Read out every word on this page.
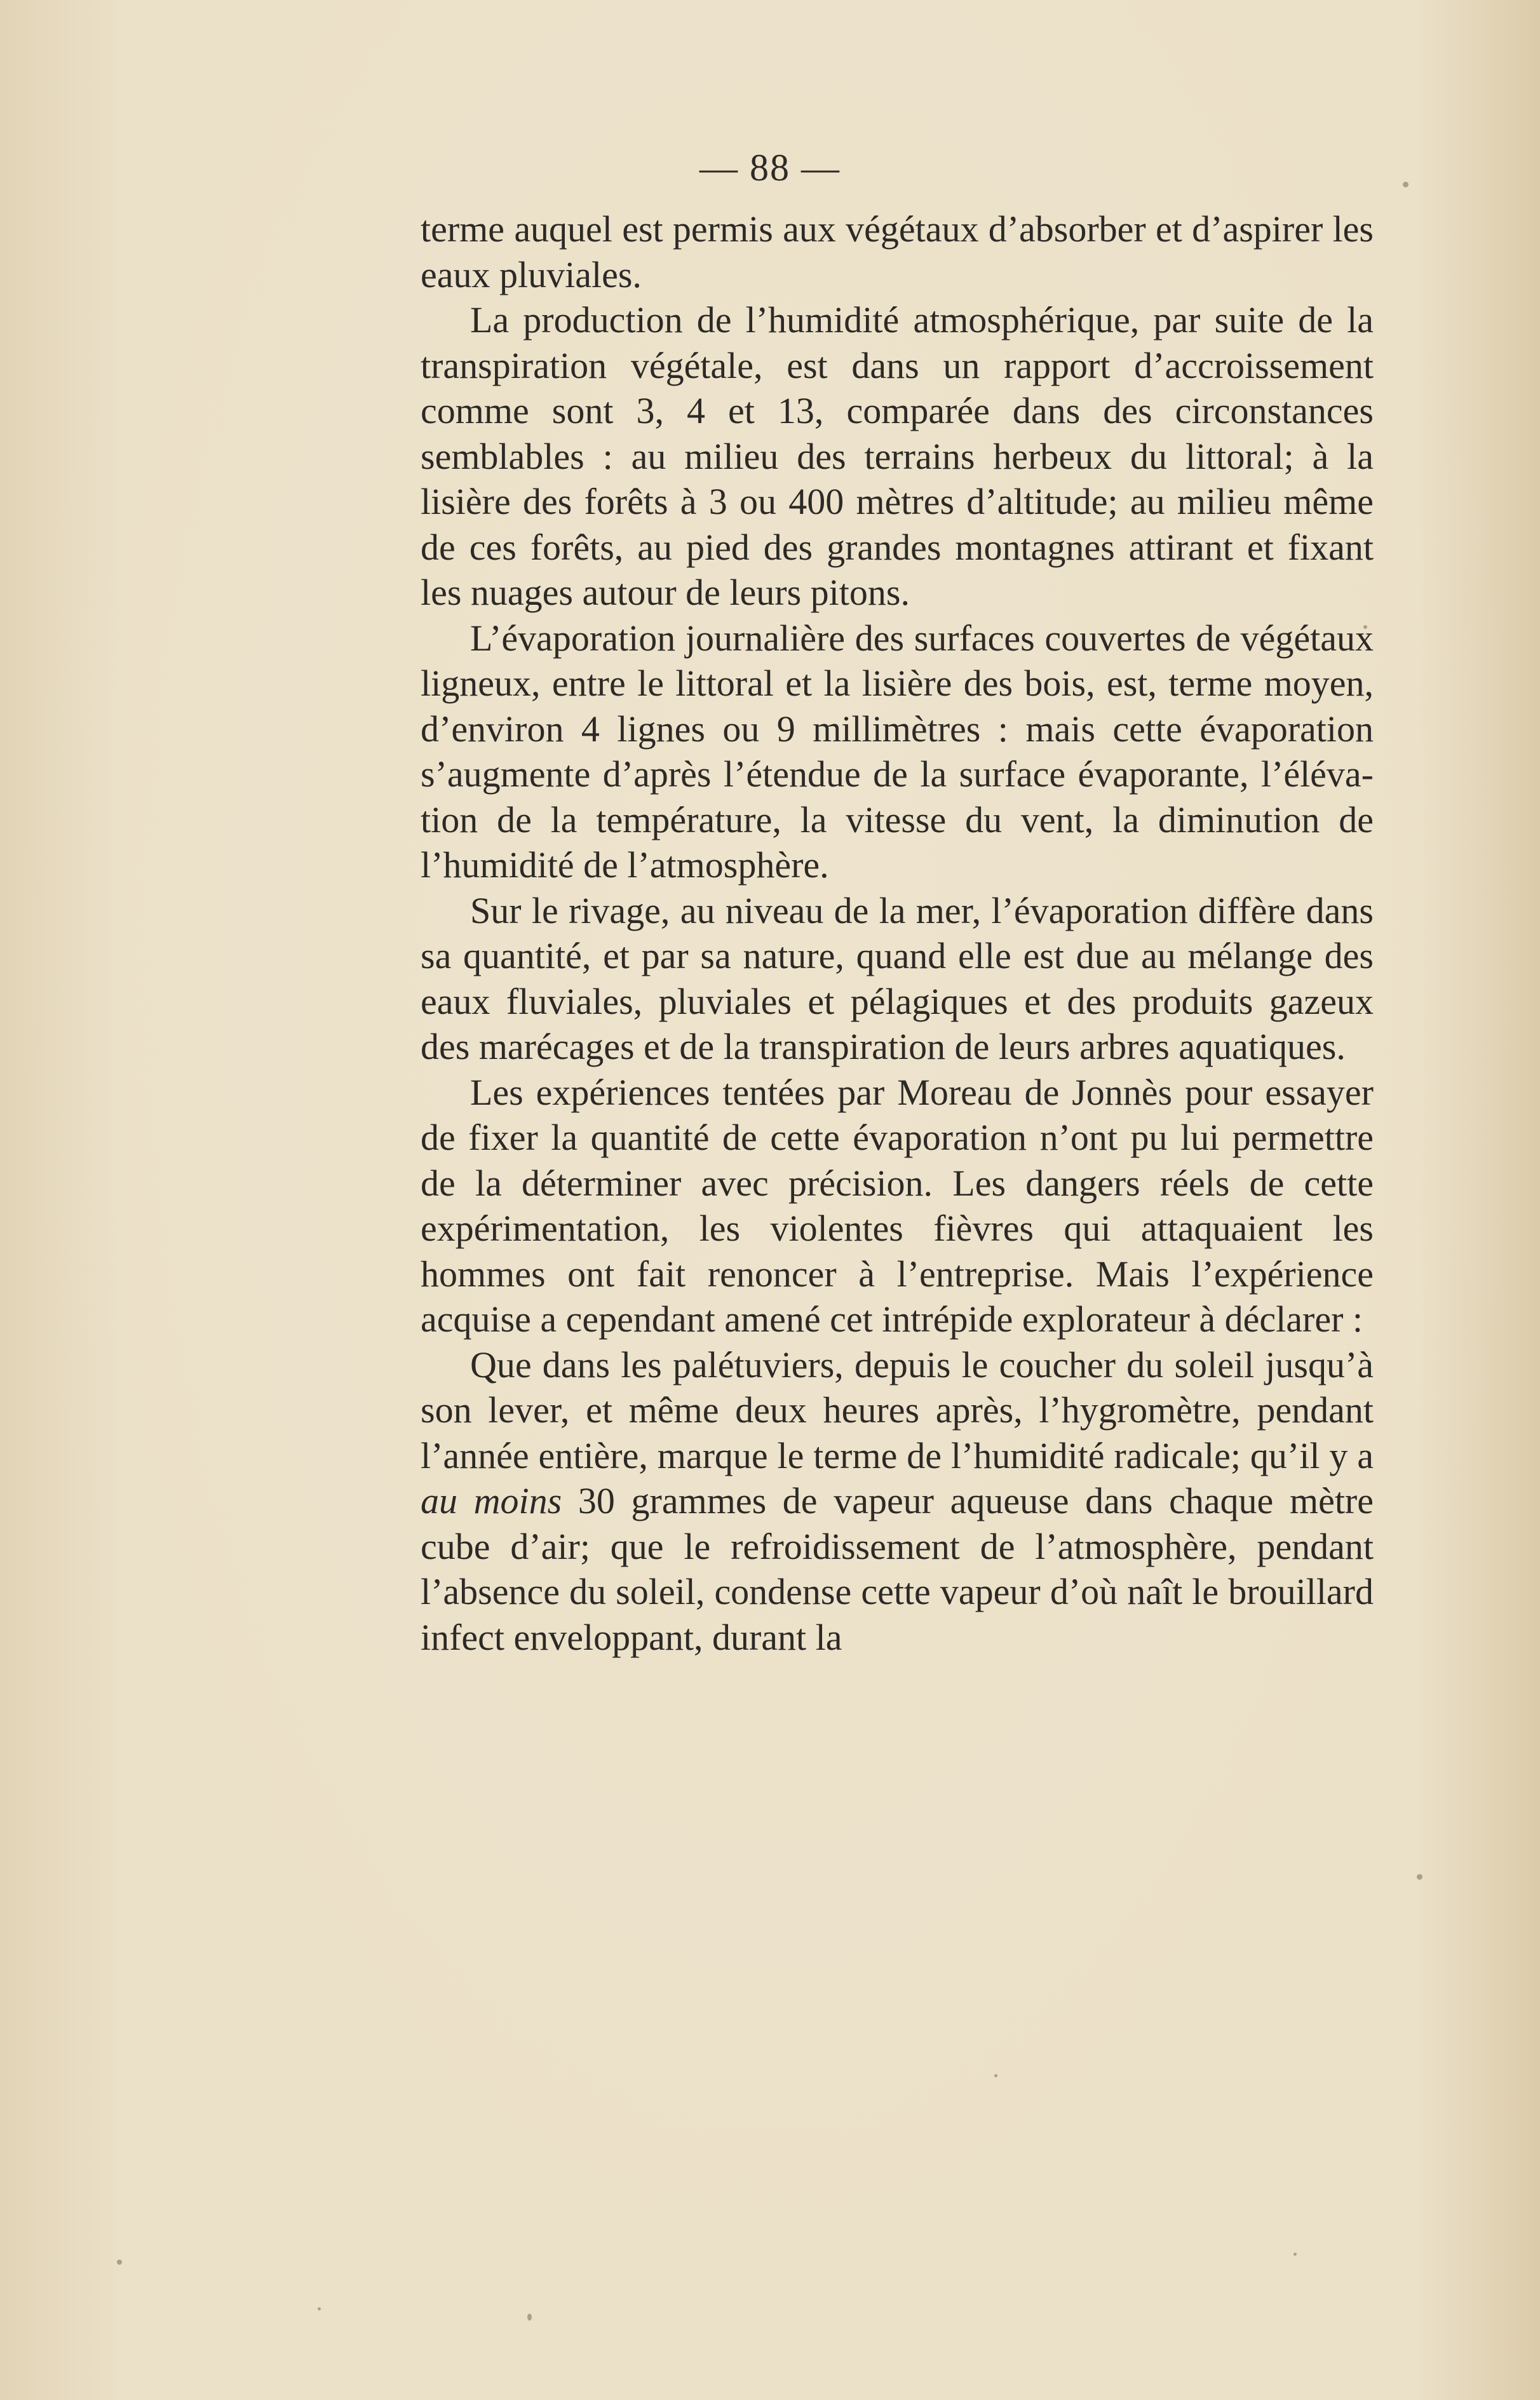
— 88 —

terme auquel est permis aux végétaux d’absorber et d’aspirer les eaux pluviales.

La production de l’humidité atmosphérique, par suite de la transpiration végétale, est dans un rapport d’accroissement comme sont 3, 4 et 13, comparée dans des circonstances semblables : au milieu des terrains herbeux du littoral; à la lisière des forêts à 3 ou 400 mètres d’altitude; au milieu même de ces forêts, au pied des grandes montagnes attirant et fixant les nuages autour de leurs pitons.

L’évaporation journalière des surfaces couvertes de végétaux ligneux, entre le littoral et la lisière des bois, est, terme moyen, d’environ 4 lignes ou 9 millimètres : mais cette évaporation s’augmente d’après l’étendue de la surface évaporante, l’élévation de la température, la vitesse du vent, la diminution de l’humidité de l’atmosphère.

Sur le rivage, au niveau de la mer, l’évaporation diffère dans sa quantité, et par sa nature, quand elle est due au mélange des eaux fluviales, pluviales et pélagiques et des produits gazeux des marécages et de la transpiration de leurs arbres aquatiques.

Les expériences tentées par Moreau de Jonnès pour essayer de fixer la quantité de cette évaporation n’ont pu lui permettre de la déterminer avec précision. Les dangers réels de cette expérimentation, les violentes fièvres qui attaquaient les hommes ont fait renoncer à l’entreprise. Mais l’expérience acquise a cependant amené cet intrépide explorateur à déclarer :

Que dans les palétuviers, depuis le coucher du soleil jusqu’à son lever, et même deux heures après, l’hygromètre, pendant l’année entière, marque le terme de l’humidité radicale; qu’il y a au moins 30 grammes de vapeur aqueuse dans chaque mètre cube d’air; que le refroidissement de l’atmosphère, pendant l’absence du soleil, condense cette vapeur d’où naît le brouillard infect enveloppant, durant la
